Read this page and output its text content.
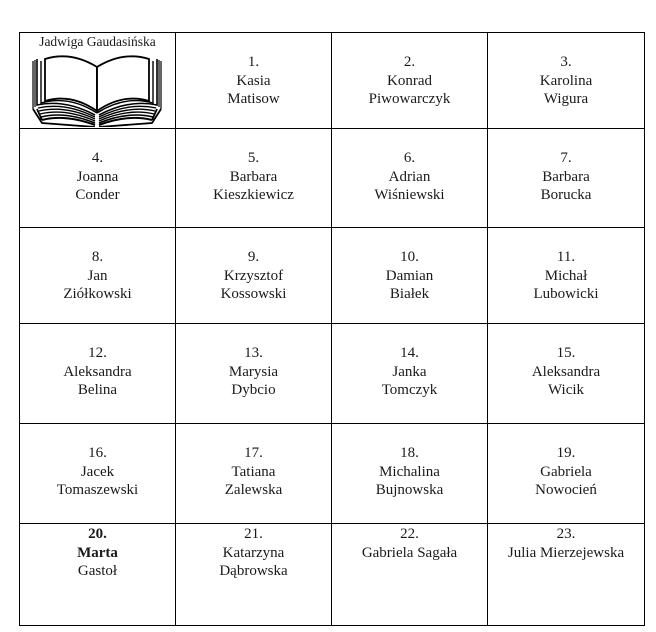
Jadwiga Gaudasińska	1.
Kasia
Matisow	2.
Konrad
Piwowarczyk	3.
Karolina
Wigura

4.
Joanna
Conder	5.
Barbara
Kieszkiewicz	6.
Adrian
Wiśniewski	7.
Barbara
Borucka

8.
Jan
Ziółkowski	9.
Krzysztof
Kossowski	10.
Damian
Białek	11.
Michał
Lubowicki

12.
Aleksandra
Belina	13.
Marysia
Dybcio	14.
Janka
Tomczyk	15.
Aleksandra
Wicik

16.
Jacek
Tomaszewski	17.
Tatiana
Zalewska	18.
Michalina
Bujnowska	19.
Gabriela
Nowocień

20.
Marta
Gastoł	21.
Katarzyna
Dąbrowska	22.
Gabriela Sagała	23.
Julia Mierzejewska
